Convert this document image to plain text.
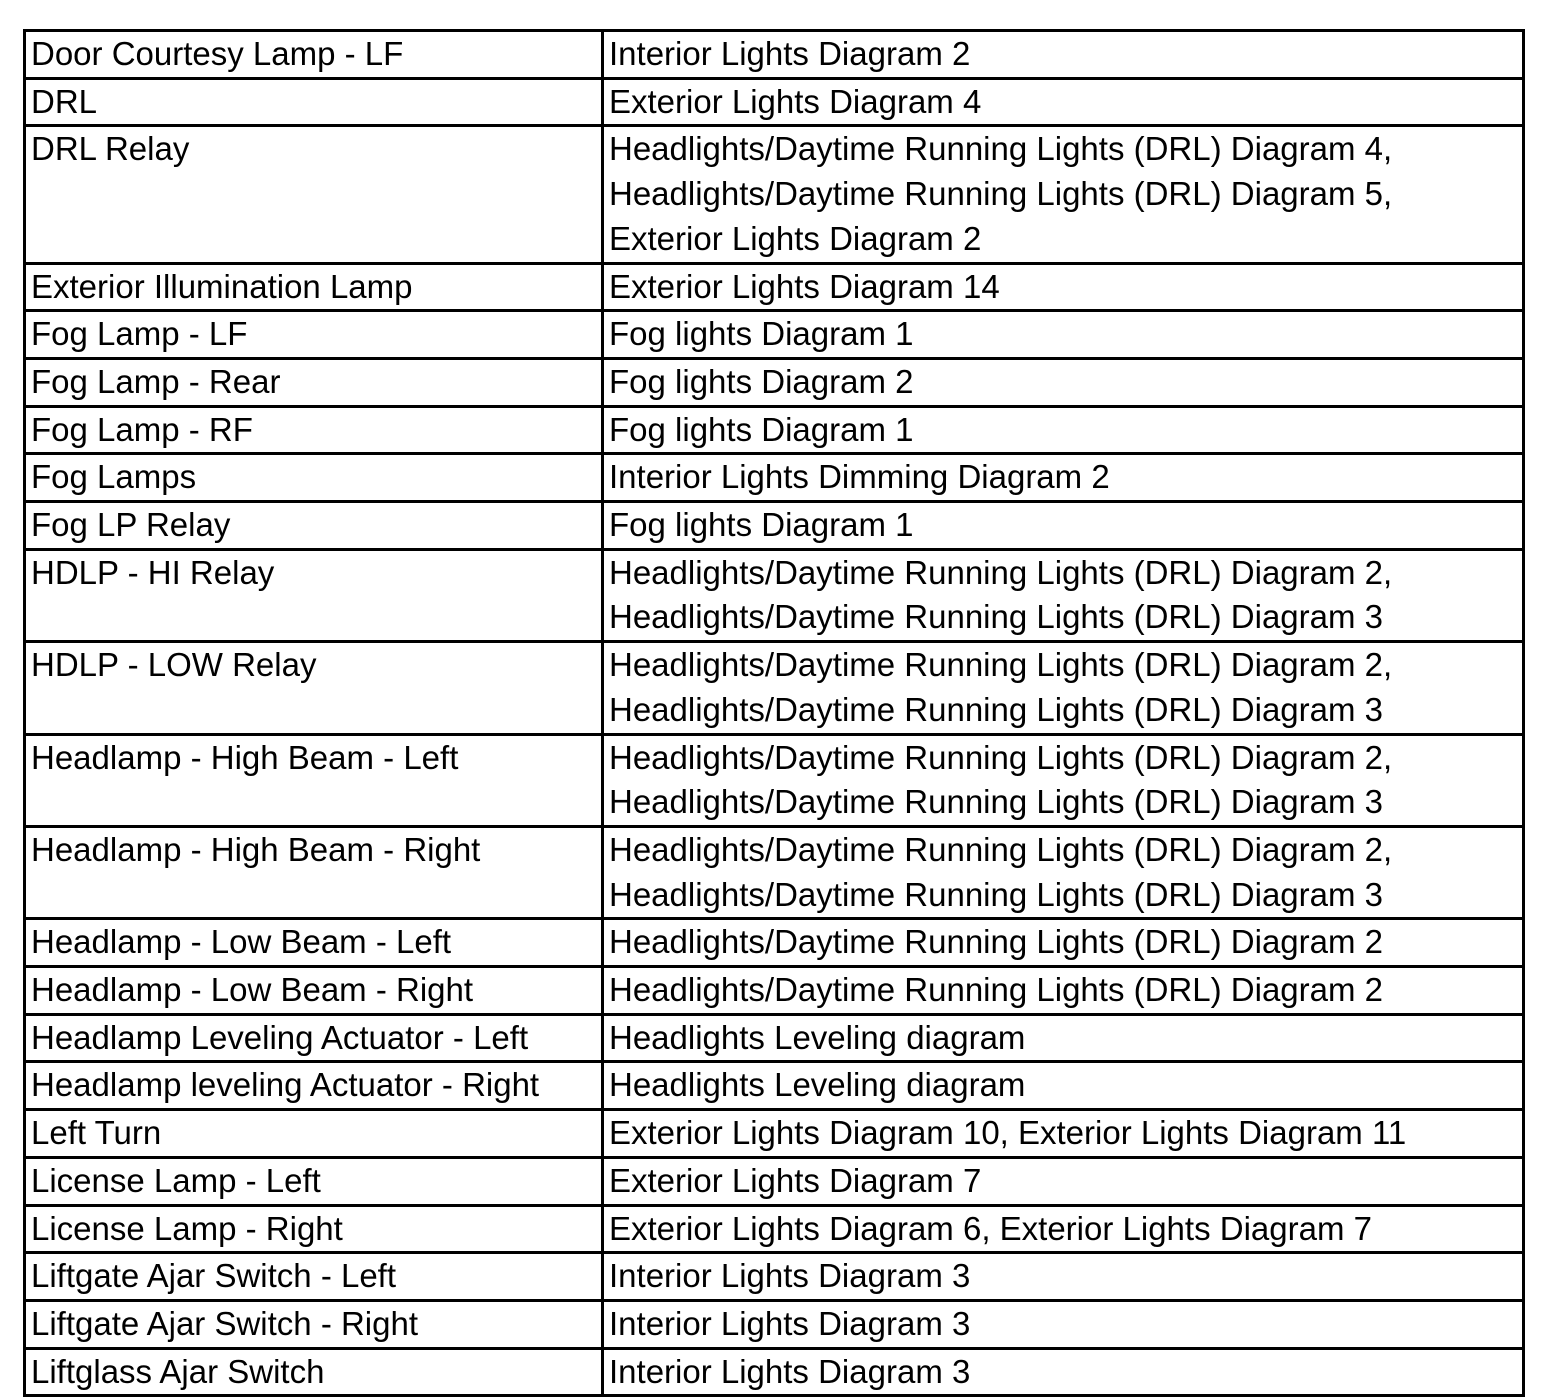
Door Courtesy Lamp - LF	Interior Lights Diagram 2
DRL	Exterior Lights Diagram 4
DRL Relay	Headlights/Daytime Running Lights (DRL) Diagram 4,
Headlights/Daytime Running Lights (DRL) Diagram 5,
Exterior Lights Diagram 2
Exterior Illumination Lamp	Exterior Lights Diagram 14
Fog Lamp - LF	Fog lights Diagram 1
Fog Lamp - Rear	Fog lights Diagram 2
Fog Lamp - RF	Fog lights Diagram 1
Fog Lamps	Interior Lights Dimming Diagram 2
Fog LP Relay	Fog lights Diagram 1
HDLP - HI Relay	Headlights/Daytime Running Lights (DRL) Diagram 2,
Headlights/Daytime Running Lights (DRL) Diagram 3
HDLP - LOW Relay	Headlights/Daytime Running Lights (DRL) Diagram 2,
Headlights/Daytime Running Lights (DRL) Diagram 3
Headlamp - High Beam - Left	Headlights/Daytime Running Lights (DRL) Diagram 2,
Headlights/Daytime Running Lights (DRL) Diagram 3
Headlamp - High Beam - Right	Headlights/Daytime Running Lights (DRL) Diagram 2,
Headlights/Daytime Running Lights (DRL) Diagram 3
Headlamp - Low Beam - Left	Headlights/Daytime Running Lights (DRL) Diagram 2
Headlamp - Low Beam - Right	Headlights/Daytime Running Lights (DRL) Diagram 2
Headlamp Leveling Actuator - Left	Headlights Leveling diagram
Headlamp leveling Actuator - Right	Headlights Leveling diagram
Left Turn	Exterior Lights Diagram 10, Exterior Lights Diagram 11
License Lamp - Left	Exterior Lights Diagram 7
License Lamp - Right	Exterior Lights Diagram 6, Exterior Lights Diagram 7
Liftgate Ajar Switch - Left	Interior Lights Diagram 3
Liftgate Ajar Switch - Right	Interior Lights Diagram 3
Liftglass Ajar Switch	Interior Lights Diagram 3
